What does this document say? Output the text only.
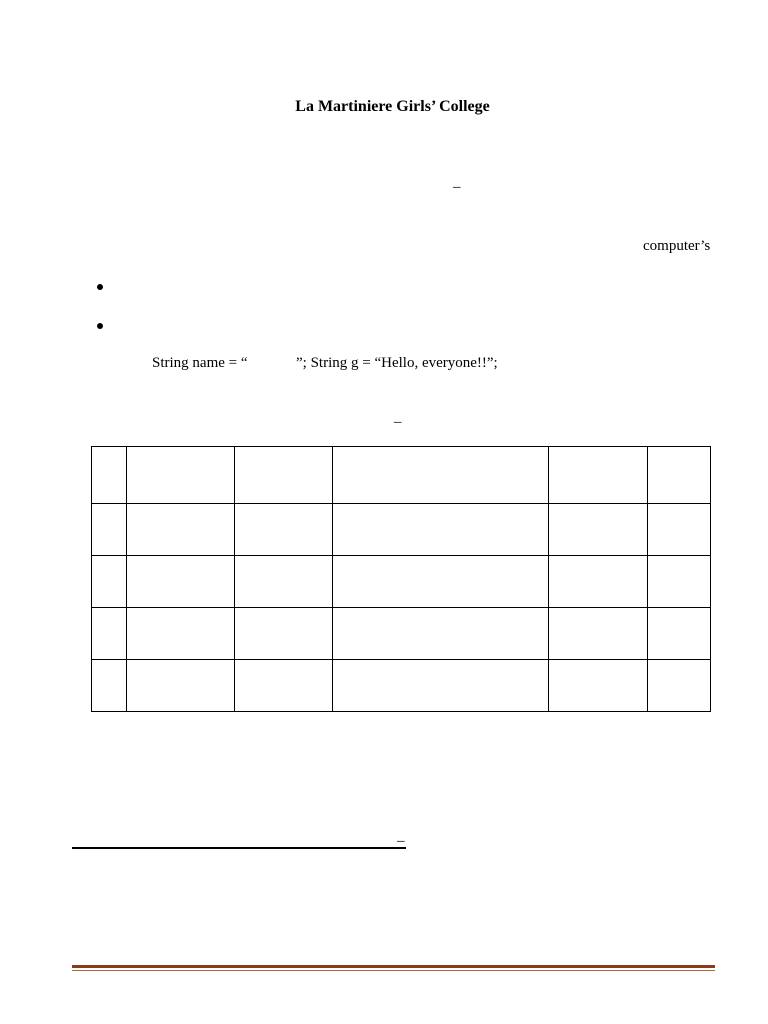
La Martiniere Girls’ College
–
computer’s
String name = “	”; String g = “Hello, everyone!!”;
–

–
